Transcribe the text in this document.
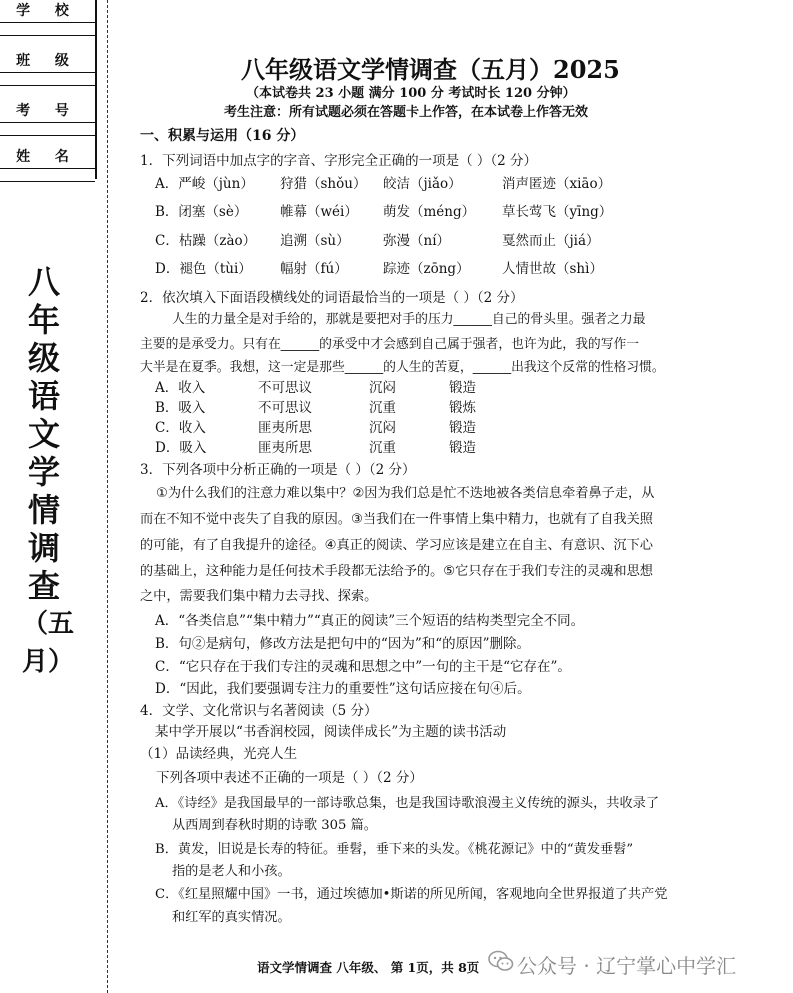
学 校
班 级
考 号
姓 名
八
年
级
语
文
学
情
调
查
（五
月）
八年级语文学情调查（五月）2025
（本试卷共 23 小题 满分 100 分 考试时长 120 分钟）
考生注意：所有试题必须在答题卡上作答，在本试卷上作答无效
一、积累与运用（16 分）
1．下列词语中加点字的字音、字形完全正确的一项是（ ）（2 分）
A．严峻（jùn） 狩猎（shǒu） 皎洁（jiǎo）	消声匿迹（xiāo）
B．闭塞（sè） 帷幕（wéi） 萌发（méng） 草长莺飞（yīng）
C．枯躁（zào） 追溯（sù） 弥漫（ní）	戛然而止（jiá）
D．褪色（tùi） 幅射（fú）	踪迹（zōng） 人情世故（shì）
2．依次填入下面语段横线处的词语最恰当的一项是（ ）（2 分）
人生的力量全是对手给的，那就是要把对手的压力______自己的骨头里。强者之力最
主要的是承受力。只有在______的承受中才会感到自己属于强者，也许为此，我的写作一
大半是在夏季。我想，这一定是那些______的人生的苦夏，______出我这个反常的性格习惯。
A．收入	不可思议	沉闷	锻造
B．吸入	不可思议	沉重	锻炼
C．收入	匪夷所思	沉闷	锻造
D．吸入	匪夷所思	沉重	锻造
3．下列各项中分析正确的一项是（ ）（2 分）
①为什么我们的注意力难以集中？②因为我们总是忙不迭地被各类信息牵着鼻子走，从
而在不知不觉中丧失了自我的原因。③当我们在一件事情上集中精力，也就有了自我关照
的可能，有了自我提升的途径。④真正的阅读、学习应该是建立在自主、有意识、沉下心
的基础上，这种能力是任何技术手段都无法给予的。⑤它只存在于我们专注的灵魂和思想
之中，需要我们集中精力去寻找、探索。
A．“各类信息”“集中精力”“真正的阅读”三个短语的结构类型完全不同。
B．句②是病句，修改方法是把句中的“因为”和“的原因”删除。
C．“它只存在于我们专注的灵魂和思想之中”一句的主干是“它存在”。
D．“因此，我们要强调专注力的重要性”这句话应接在句④后。
4．文学、文化常识与名著阅读（5 分）
某中学开展以“书香润校园，阅读伴成长”为主题的读书活动
（1）品读经典，光亮人生
下列各项中表述不正确的一项是（ ）（2 分）
A．《诗经》是我国最早的一部诗歌总集，也是我国诗歌浪漫主义传统的源头，共收录了
从西周到春秋时期的诗歌 305 篇。
B．黄发，旧说是长寿的特征。垂髫，垂下来的头发。《桃花源记》中的“黄发垂髫”
指的是老人和小孩。
C．《红星照耀中国》一书，通过埃德加•斯诺的所见所闻，客观地向全世界报道了共产党
和红军的真实情况。
语文学情调查 八年级、 第 1页，共 8页 公众号 · 辽宁掌心中学汇
